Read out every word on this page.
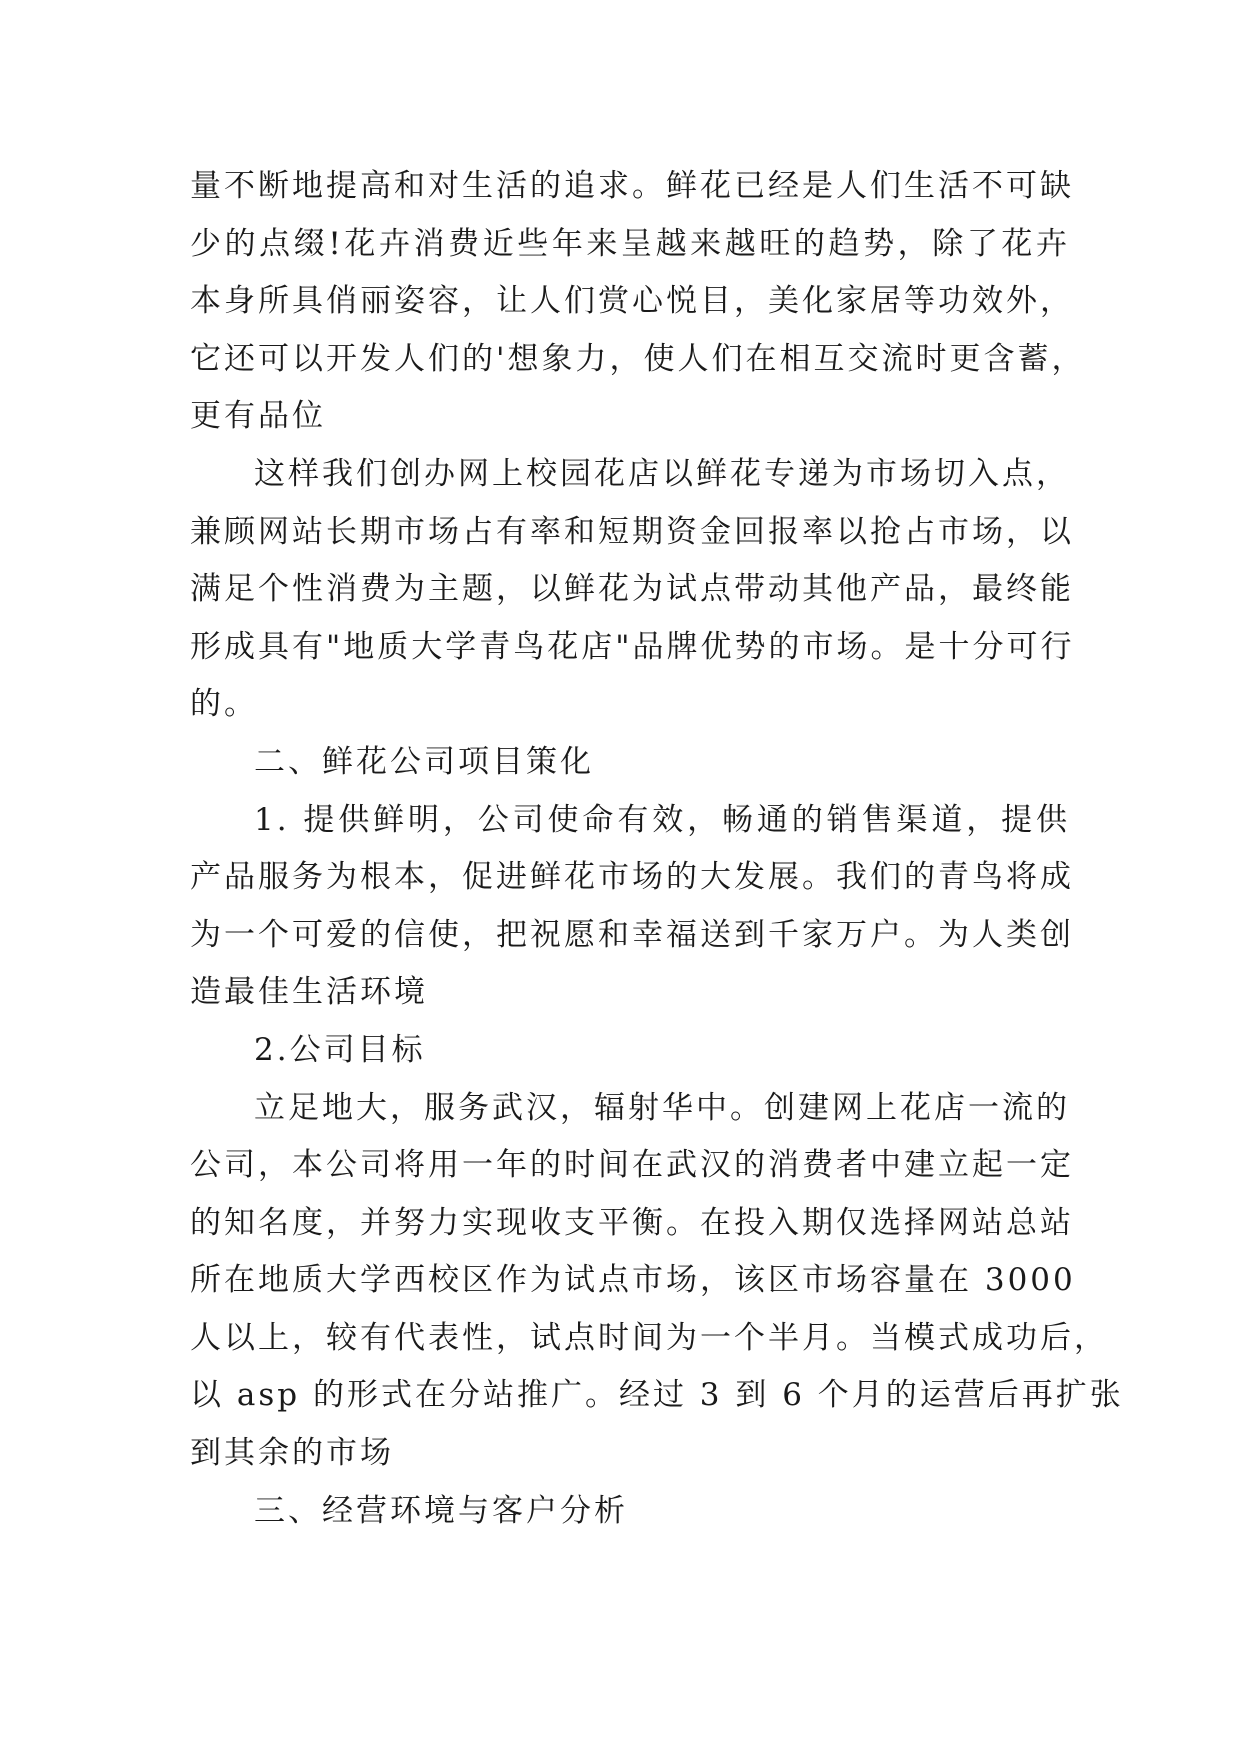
量不断地提高和对生活的追求。鲜花已经是人们生活不可缺
少的点缀!花卉消费近些年来呈越来越旺的趋势，除了花卉
本身所具俏丽姿容，让人们赏心悦目，美化家居等功效外，
它还可以开发人们的'想象力，使人们在相互交流时更含蓄，
更有品位
这样我们创办网上校园花店以鲜花专递为市场切入点，
兼顾网站长期市场占有率和短期资金回报率以抢占市场，以
满足个性消费为主题，以鲜花为试点带动其他产品，最终能
形成具有"地质大学青鸟花店"品牌优势的市场。是十分可行
的。
二、鲜花公司项目策化
1. 提供鲜明，公司使命有效，畅通的销售渠道，提供
产品服务为根本，促进鲜花市场的大发展。我们的青鸟将成
为一个可爱的信使，把祝愿和幸福送到千家万户。为人类创
造最佳生活环境
2.公司目标
立足地大，服务武汉，辐射华中。创建网上花店一流的
公司，本公司将用一年的时间在武汉的消费者中建立起一定
的知名度，并努力实现收支平衡。在投入期仅选择网站总站
所在地质大学西校区作为试点市场，该区市场容量在 3000
人以上，较有代表性，试点时间为一个半月。当模式成功后，
以 asp 的形式在分站推广。经过 3 到 6 个月的运营后再扩张
到其余的市场
三、经营环境与客户分析
